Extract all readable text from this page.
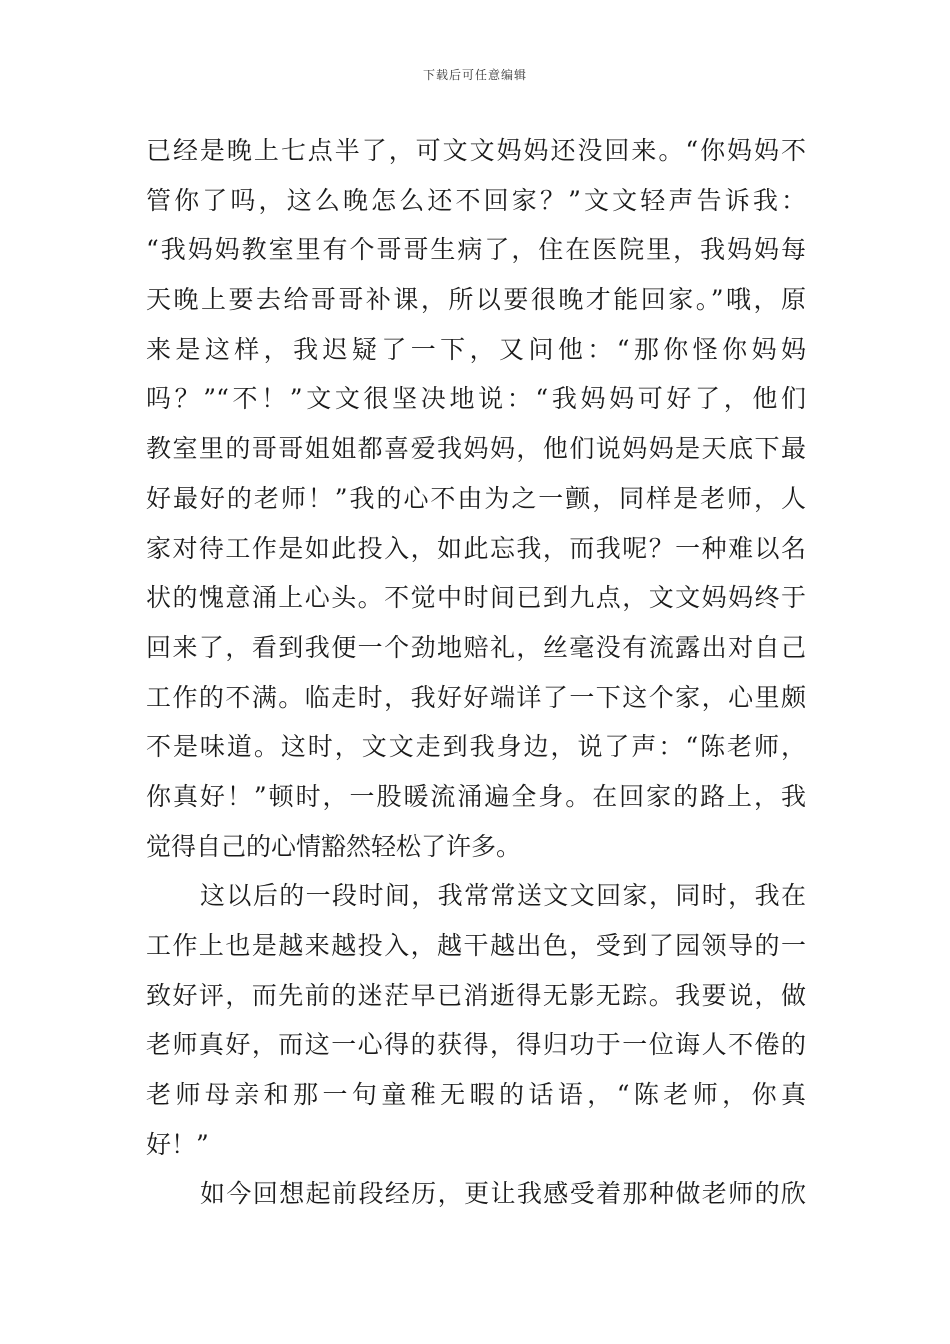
下载后可任意编辑
已经是晚上七点半了，可文文妈妈还没回来。“你妈妈不
管你了吗，这么晚怎么还不回家？”文文轻声告诉我：
“我妈妈教室里有个哥哥生病了，住在医院里，我妈妈每
天晚上要去给哥哥补课，所以要很晚才能回家。”哦，原
来是这样，我迟疑了一下，又问他：“那你怪你妈妈
吗？”“不！”文文很坚决地说：“我妈妈可好了，他们
教室里的哥哥姐姐都喜爱我妈妈，他们说妈妈是天底下最
好最好的老师！”我的心不由为之一颤，同样是老师，人
家对待工作是如此投入，如此忘我，而我呢？一种难以名
状的愧意涌上心头。不觉中时间已到九点，文文妈妈终于
回来了，看到我便一个劲地赔礼，丝毫没有流露出对自己
工作的不满。临走时，我好好端详了一下这个家，心里颇
不是味道。这时，文文走到我身边，说了声：“陈老师，
你真好！”顿时，一股暖流涌遍全身。在回家的路上，我
觉得自己的心情豁然轻松了许多。
这以后的一段时间，我常常送文文回家，同时，我在
工作上也是越来越投入，越干越出色，受到了园领导的一
致好评，而先前的迷茫早已消逝得无影无踪。我要说，做
老师真好，而这一心得的获得，得归功于一位诲人不倦的
老师母亲和那一句童稚无暇的话语，“陈老师，你真
好！”
如今回想起前段经历，更让我感受着那种做老师的欣
